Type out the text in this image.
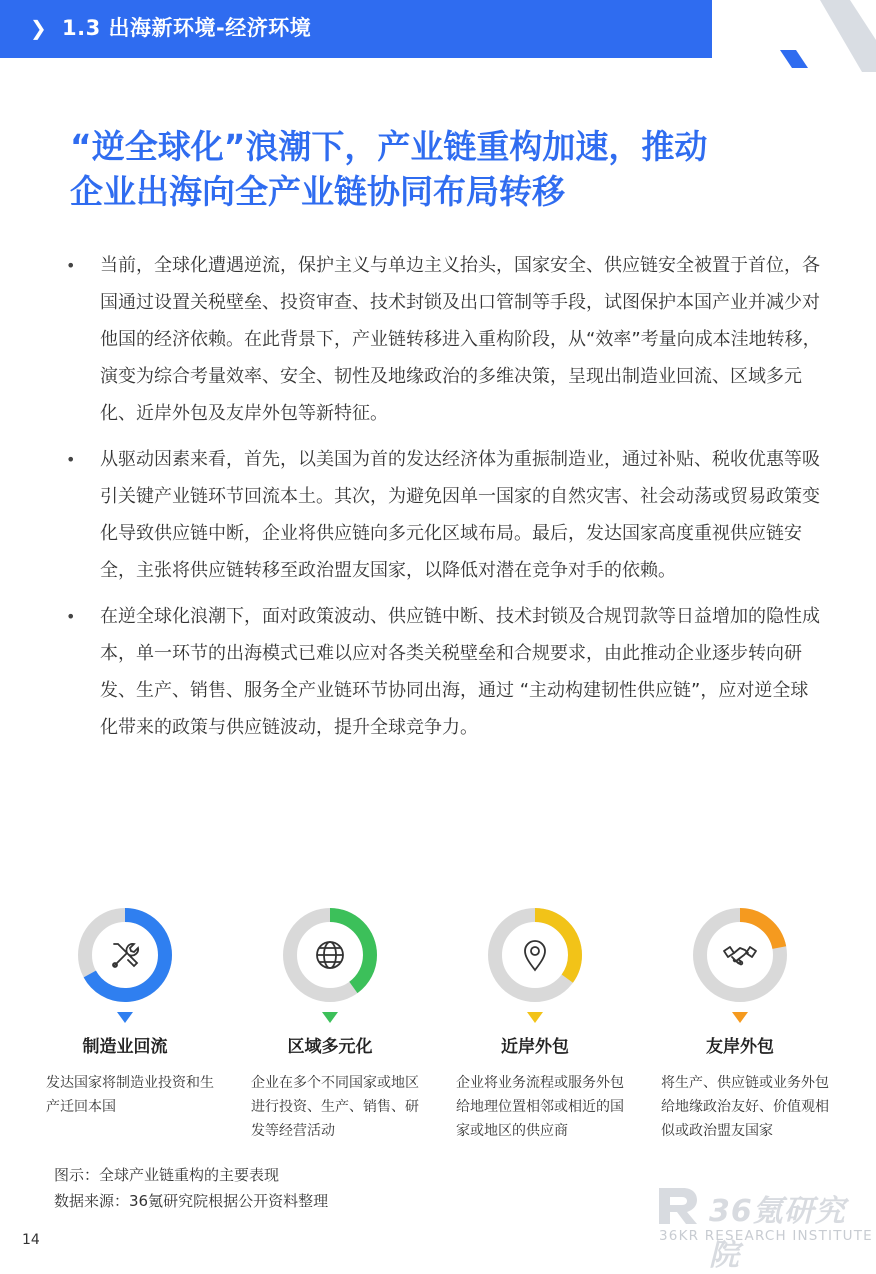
❯ 1.3 出海新环境-经济环境
“逆全球化”浪潮下，产业链重构加速，推动
企业出海向全产业链协同布局转移
• 当前，全球化遭遇逆流，保护主义与单边主义抬头，国家安全、供应链安全被置于首位，各国通过设置关税壁垒、投资审查、技术封锁及出口管制等手段，试图保护本国产业并减少对他国的经济依赖。在此背景下，产业链转移进入重构阶段，从“效率”考量向成本洼地转移，演变为综合考量效率、安全、韧性及地缘政治的多维决策，呈现出制造业回流、区域多元化、近岸外包及友岸外包等新特征。
• 从驱动因素来看，首先，以美国为首的发达经济体为重振制造业，通过补贴、税收优惠等吸引关键产业链环节回流本土。其次，为避免因单一国家的自然灾害、社会动荡或贸易政策变化导致供应链中断，企业将供应链向多元化区域布局。最后，发达国家高度重视供应链安全，主张将供应链转移至政治盟友国家，以降低对潜在竞争对手的依赖。
• 在逆全球化浪潮下，面对政策波动、供应链中断、技术封锁及合规罚款等日益增加的隐性成本，单一环节的出海模式已难以应对各类关税壁垒和合规要求，由此推动企业逐步转向研发、生产、销售、服务全产业链环节协同出海，通过 “主动构建韧性供应链”，应对逆全球化带来的政策与供应链波动，提升全球竞争力。
制造业回流
发达国家将制造业投资和生产迁回本国
区域多元化
企业在多个不同国家或地区进行投资、生产、销售、研发等经营活动
近岸外包
企业将业务流程或服务外包给地理位置相邻或相近的国家或地区的供应商
友岸外包
将生产、供应链或业务外包给地缘政治友好、价值观相似或政治盟友国家
图示：全球产业链重构的主要表现
数据来源：36氪研究院根据公开资料整理	36氪研究院
36KR RESEARCH INSTITUTE
14
